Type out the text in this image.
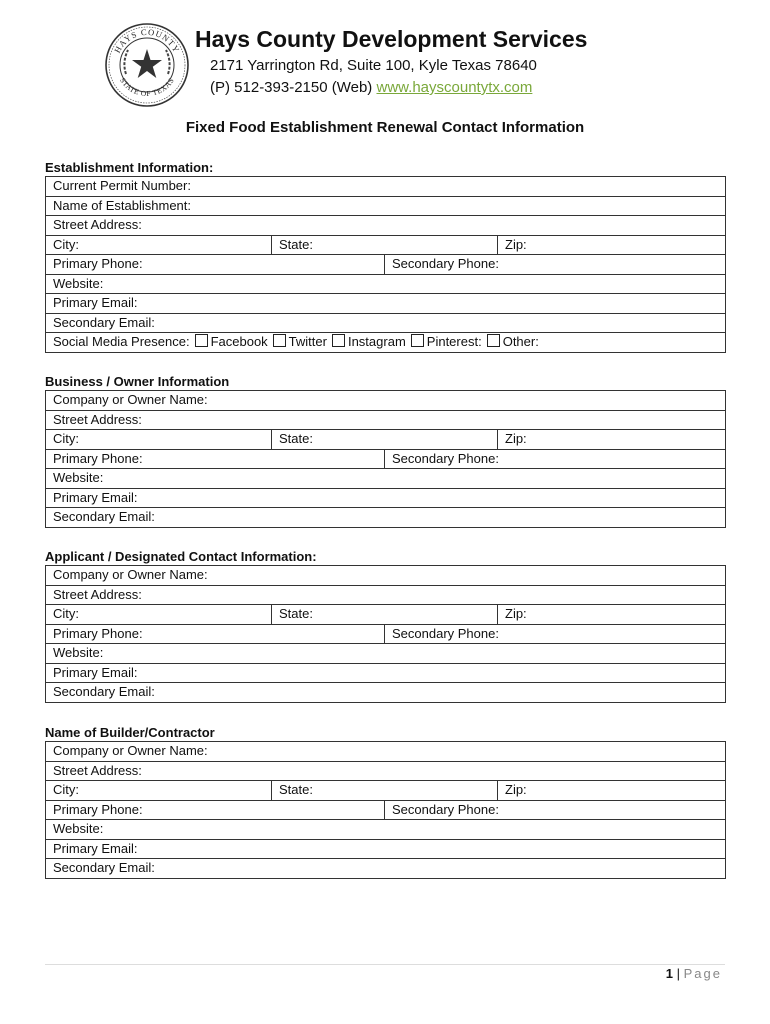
HAYS COUNTY
STATE OF TEXAS
Hays County Development Services
2171 Yarrington Rd, Suite 100, Kyle Texas 78640
(P) 512-393-2150 (Web) www.hayscountytx.com
Fixed Food Establishment Renewal Contact Information
Establishment Information:
Current Permit Number:			
Name of Establishment:			
Street Address:			
City:	State:		Zip:
Primary Phone:		Secondary Phone:	
Website:			
Primary Email:			
Secondary Email:			
Social Media Presence: Facebook Twitter Instagram Pinterest: Other:			
Business / Owner Information
Company or Owner Name:			
Street Address:			
City:	State:		Zip:
Primary Phone:		Secondary Phone:	
Website:			
Primary Email:			
Secondary Email:			
Applicant / Designated Contact Information:
Company or Owner Name:			
Street Address:			
City:	State:		Zip:
Primary Phone:		Secondary Phone:	
Website:			
Primary Email:			
Secondary Email:			
Name of Builder/Contractor
Company or Owner Name:			
Street Address:			
City:	State:		Zip:
Primary Phone:		Secondary Phone:	
Website:			
Primary Email:			
Secondary Email:			
1 | Page
